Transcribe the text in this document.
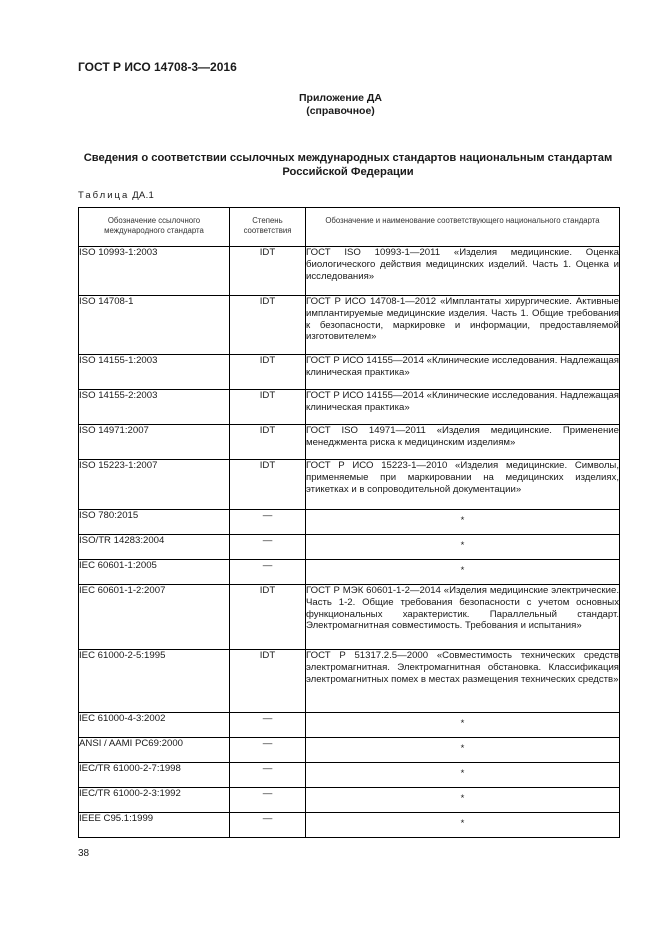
ГОСТ Р ИСО 14708-3—2016
Приложение ДА
(справочное)
Сведения о соответствии ссылочных международных стандартов национальным стандартам
Российской Федерации
Таблица ДА.1
Обозначение ссылочного международного стандарта	Степень соответствия	Обозначение и наименование соответствующего национального стандарта
ISO 10993-1:2003	IDT	ГОСТ ISO 10993-1—2011 «Изделия медицинские. Оценка биологического действия медицинских изделий. Часть 1. Оценка и исследования»
ISO 14708-1	IDT	ГОСТ Р ИСО 14708-1—2012 «Имплантаты хирургические. Активные имплантируемые медицинские изделия. Часть 1. Общие требования к безопасности, маркировке и информации, предоставляемой изготовителем»
ISO 14155-1:2003	IDT	ГОСТ Р ИСО 14155—2014 «Клинические исследования. Надлежащая клиническая практика»
ISO 14155-2:2003	IDT	ГОСТ Р ИСО 14155—2014 «Клинические исследования. Надлежащая клиническая практика»
ISO 14971:2007	IDT	ГОСТ ISO 14971—2011 «Изделия медицинские. Применение менеджмента риска к медицинским изделиям»
ISO 15223-1:2007	IDT	ГОСТ Р ИСО 15223-1—2010 «Изделия медицинские. Символы, применяемые при маркировании на медицинских изделиях, этикетках и в сопроводительной документации»
ISO 780:2015	—	*
ISO/TR 14283:2004	—	*
IEC 60601-1:2005	—	*
IEC 60601-1-2:2007	IDT	ГОСТ Р МЭК 60601-1-2—2014 «Изделия медицинские электрические. Часть 1-2. Общие требования безопасности с учетом основных функциональных характеристик. Параллельный стандарт. Электромагнитная совместимость. Требования и испытания»
IEC 61000-2-5:1995	IDT	ГОСТ Р 51317.2.5—2000 «Совместимость технических средств электромагнитная. Электромагнитная обстановка. Классификация электромагнитных помех в местах размещения технических средств»
IEC 61000-4-3:2002	—	*
ANSI / AAMI PC69:2000	—	*
IEC/TR 61000-2-7:1998	—	*
IEC/TR 61000-2-3:1992	—	*
IEEE C95.1:1999	—	*
38
